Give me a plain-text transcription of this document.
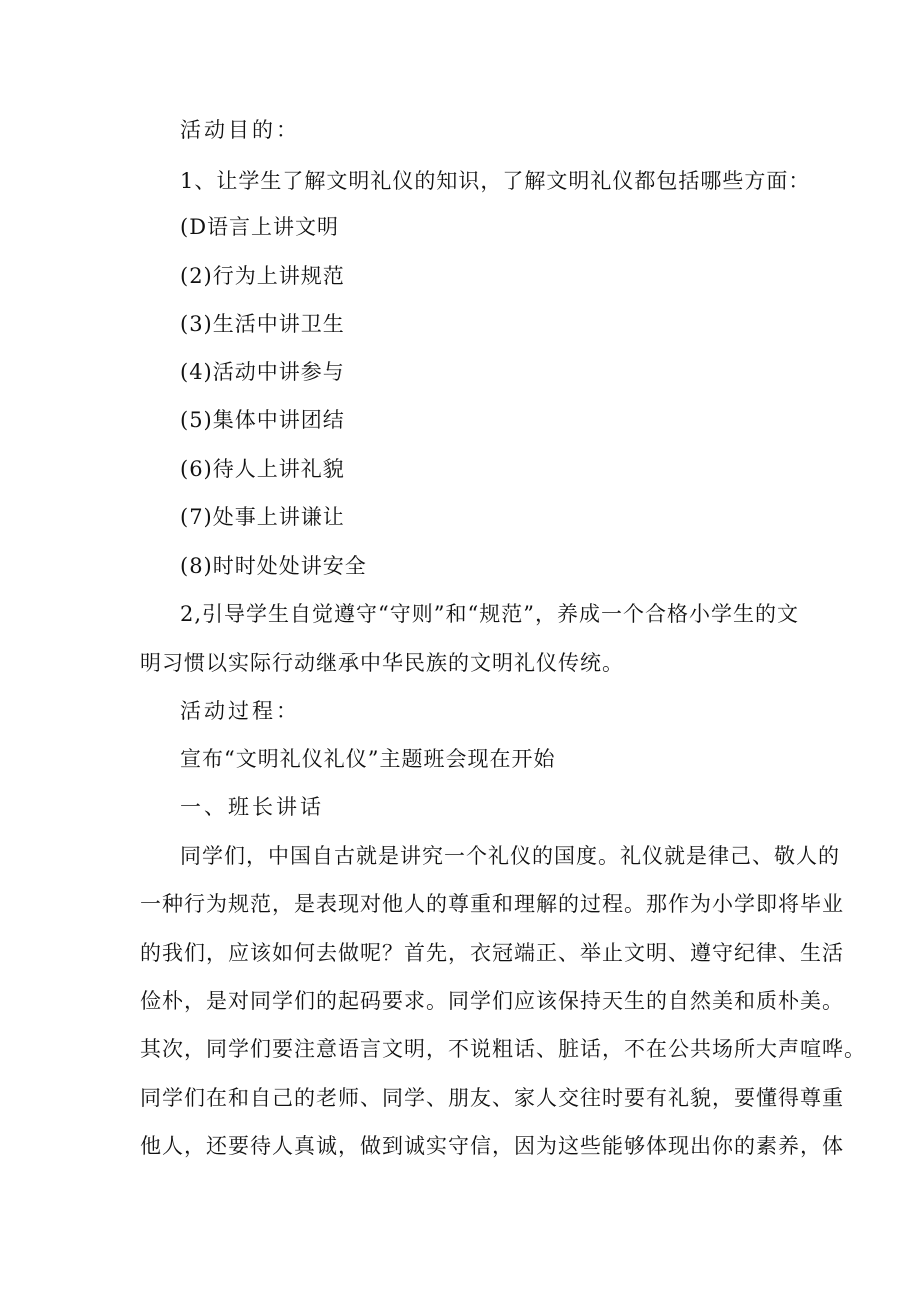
活动目的：

1、让学生了解文明礼仪的知识，了解文明礼仪都包括哪些方面：

(D语言上讲文明

(2)行为上讲规范

(3)生活中讲卫生

(4)活动中讲参与

(5)集体中讲团结

(6)待人上讲礼貌

(7)处事上讲谦让

(8)时时处处讲安全

2,引导学生自觉遵守“守则”和“规范”，养成一个合格小学生的文

明习惯以实际行动继承中华民族的文明礼仪传统。

活动过程：

宣布“文明礼仪礼仪”主题班会现在开始

一、班长讲话

同学们，中国自古就是讲究一个礼仪的国度。礼仪就是律己、敬人的

一种行为规范，是表现对他人的尊重和理解的过程。那作为小学即将毕业

的我们，应该如何去做呢？首先，衣冠端正、举止文明、遵守纪律、生活

俭朴，是对同学们的起码要求。同学们应该保持天生的自然美和质朴美。

其次，同学们要注意语言文明，不说粗话、脏话，不在公共场所大声喧哗。

同学们在和自己的老师、同学、朋友、家人交往时要有礼貌，要懂得尊重

他人，还要待人真诚，做到诚实守信，因为这些能够体现出你的素养，体
